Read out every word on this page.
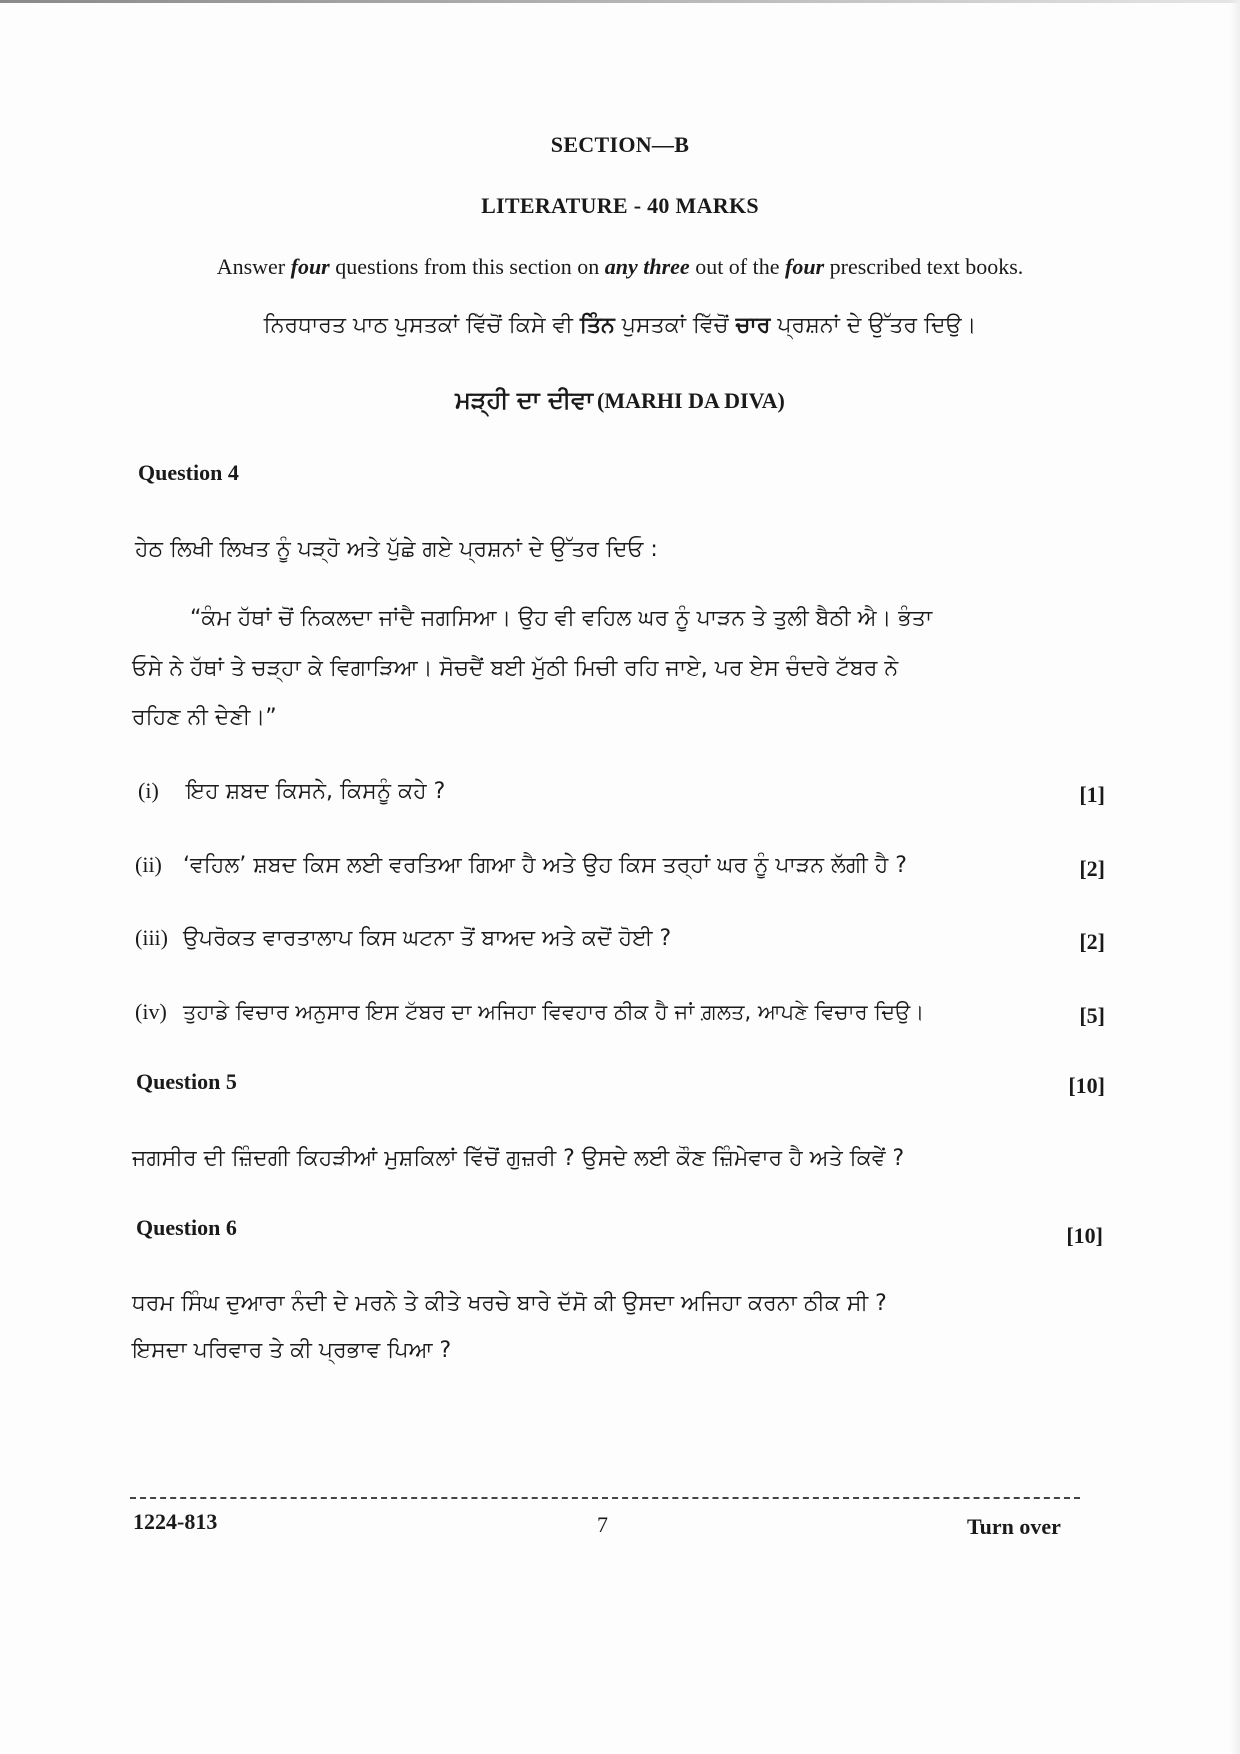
SECTION—B
LITERATURE - 40 MARKS
Answer four questions from this section on any three out of the four prescribed text books.
ਨਿਰਧਾਰਤ ਪਾਠ ਪੁਸਤਕਾਂ ਵਿੱਚੋਂ ਕਿਸੇ ਵੀ ਤਿੰਨ ਪੁਸਤਕਾਂ ਵਿੱਚੋਂ ਚਾਰ ਪ੍ਰਸ਼ਨਾਂ ਦੇ ਉੱਤਰ ਦਿਉ।
ਮੜ੍ਹੀ ਦਾ ਦੀਵਾ (MARHI DA DIVA)
Question 4
ਹੇਠ ਲਿਖੀ ਲਿਖਤ ਨੂੰ ਪੜ੍ਹੋ ਅਤੇ ਪੁੱਛੇ ਗਏ ਪ੍ਰਸ਼ਨਾਂ ਦੇ ਉੱਤਰ ਦਿਓ :
“ਕੰਮ ਹੱਥਾਂ ਚੋਂ ਨਿਕਲਦਾ ਜਾਂਦੈ ਜਗਸਿਆ। ਉਹ ਵੀ ਵਹਿਲ ਘਰ ਨੂੰ ਪਾੜਨ ਤੇ ਤੁਲੀ ਬੈਠੀ ਐ। ਭੰਤਾ
ਓਸੇ ਨੇ ਹੱਥਾਂ ਤੇ ਚੜ੍ਹਾ ਕੇ ਵਿਗਾੜਿਆ। ਸੋਚਦੈਂ ਬਈ ਮੁੱਠੀ ਮਿਚੀ ਰਹਿ ਜਾਏ, ਪਰ ਏਸ ਚੰਦਰੇ ਟੱਬਰ ਨੇ
ਰਹਿਣ ਨੀ ਦੇਣੀ।”
(i) ਇਹ ਸ਼ਬਦ ਕਿਸਨੇ, ਕਿਸਨੂੰ ਕਹੇ ?	[1]
(ii) ‘ਵਹਿਲ’ ਸ਼ਬਦ ਕਿਸ ਲਈ ਵਰਤਿਆ ਗਿਆ ਹੈ ਅਤੇ ਉਹ ਕਿਸ ਤਰ੍ਹਾਂ ਘਰ ਨੂੰ ਪਾੜਨ ਲੱਗੀ ਹੈ ?	[2]
(iii) ਉਪਰੋਕਤ ਵਾਰਤਾਲਾਪ ਕਿਸ ਘਟਨਾ ਤੋਂ ਬਾਅਦ ਅਤੇ ਕਦੋਂ ਹੋਈ ?	[2]
(iv) ਤੁਹਾਡੇ ਵਿਚਾਰ ਅਨੁਸਾਰ ਇਸ ਟੱਬਰ ਦਾ ਅਜਿਹਾ ਵਿਵਹਾਰ ਠੀਕ ਹੈ ਜਾਂ ਗ਼ਲਤ, ਆਪਣੇ ਵਿਚਾਰ ਦਿਉ।	[5]
Question 5	[10]
ਜਗਸੀਰ ਦੀ ਜ਼ਿੰਦਗੀ ਕਿਹੜੀਆਂ ਮੁਸ਼ਕਿਲਾਂ ਵਿੱਚੋਂ ਗੁਜ਼ਰੀ ? ਉਸਦੇ ਲਈ ਕੌਣ ਜ਼ਿੰਮੇਵਾਰ ਹੈ ਅਤੇ ਕਿਵੇਂ ?
Question 6	[10]
ਧਰਮ ਸਿੰਘ ਦੁਆਰਾ ਨੰਦੀ ਦੇ ਮਰਨੇ ਤੇ ਕੀਤੇ ਖਰਚੇ ਬਾਰੇ ਦੱਸੋ ਕੀ ਉਸਦਾ ਅਜਿਹਾ ਕਰਨਾ ਠੀਕ ਸੀ ?
ਇਸਦਾ ਪਰਿਵਾਰ ਤੇ ਕੀ ਪ੍ਰਭਾਵ ਪਿਆ ?
1224-813	7	Turn over
